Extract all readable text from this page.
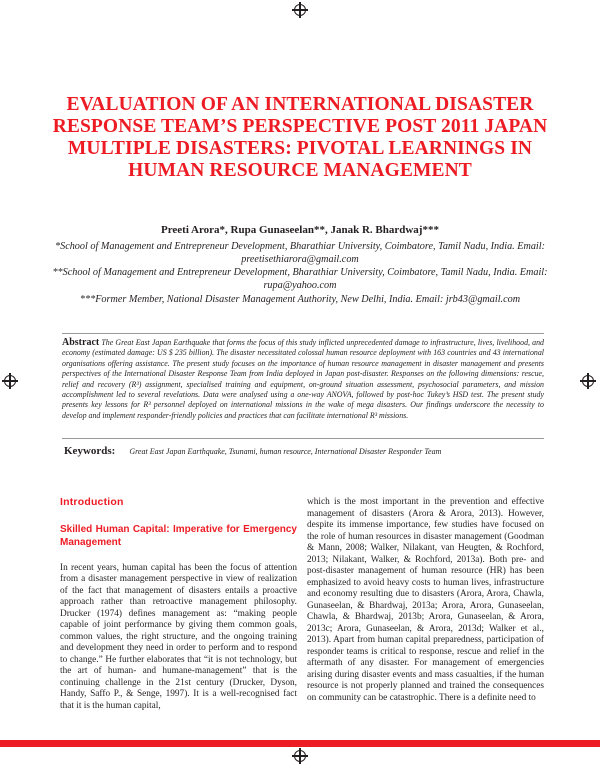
EVALUATION OF AN INTERNATIONAL DISASTER RESPONSE TEAM’S PERSPECTIVE POST 2011 JAPAN MULTIPLE DISASTERS: PIVOTAL LEARNINGS IN HUMAN RESOURCE MANAGEMENT
Preeti Arora*, Rupa Gunaseelan**, Janak R. Bhardwaj***

*School of Management and Entrepreneur Development, Bharathiar University, Coimbatore, Tamil Nadu, India. Email: preetisethiarora@gmail.com

**School of Management and Entrepreneur Development, Bharathiar University, Coimbatore, Tamil Nadu, India. Email: rupa@yahoo.com

***Former Member, National Disaster Management Authority, New Delhi, India. Email: jrb43@gmail.com

Abstract The Great East Japan Earthquake that forms the focus of this study inflicted unprecedented damage to infrastructure, lives, livelihood, and economy (estimated damage: US $ 235 billion). The disaster necessitated colossal human resource deployment with 163 countries and 43 international organisations offering assistance. The present study focuses on the importance of human resource management in disaster management and presents perspectives of the International Disaster Response Team from India deployed in Japan post-disaster. Responses on the following dimensions: rescue, relief and recovery (R³) assignment, specialised training and equipment, on-ground situation assessment, psychosocial parameters, and mission accomplishment led to several revelations. Data were analysed using a one-way ANOVA, followed by post-hoc Tukey’s HSD test. The present study presents key lessons for R³ personnel deployed on international missions in the wake of mega disasters. Our findings underscore the necessity to develop and implement responder-friendly policies and practices that can facilitate international R³ missions.

Keywords: Great East Japan Earthquake, Tsunami, human resource, International Disaster Responder Team
Introduction
Skilled Human Capital: Imperative for Emergency Management

In recent years, human capital has been the focus of attention from a disaster management perspective in view of realization of the fact that management of disasters entails a proactive approach rather than retroactive management philosophy. Drucker (1974) defines management as: “making people capable of joint performance by giving them common goals, common values, the right structure, and the ongoing training and development they need in order to perform and to respond to change.” He further elaborates that “it is not technology, but the art of human- and humane-management” that is the continuing challenge in the 21st century (Drucker, Dyson, Handy, Saffo P., & Senge, 1997). It is a well-recognised fact that it is the human capital,

which is the most important in the prevention and effective management of disasters (Arora & Arora, 2013). However, despite its immense importance, few studies have focused on the role of human resources in disaster management (Goodman & Mann, 2008; Walker, Nilakant, van Heugten, & Rochford, 2013; Nilakant, Walker, & Rochford, 2013a). Both pre- and post-disaster management of human resource (HR) has been emphasized to avoid heavy costs to human lives, infrastructure and economy resulting due to disasters (Arora, Arora, Chawla, Gunaseelan, & Bhardwaj, 2013a; Arora, Arora, Gunaseelan, Chawla, & Bhardwaj, 2013b; Arora, Gunaseelan, & Arora, 2013c; Arora, Gunaseelan, & Arora, 2013d; Walker et al., 2013). Apart from human capital preparedness, participation of responder teams is critical to response, rescue and relief in the aftermath of any disaster. For management of emergencies arising during disaster events and mass casualties, if the human resource is not properly planned and trained the consequences on community can be catastrophic. There is a definite need to
